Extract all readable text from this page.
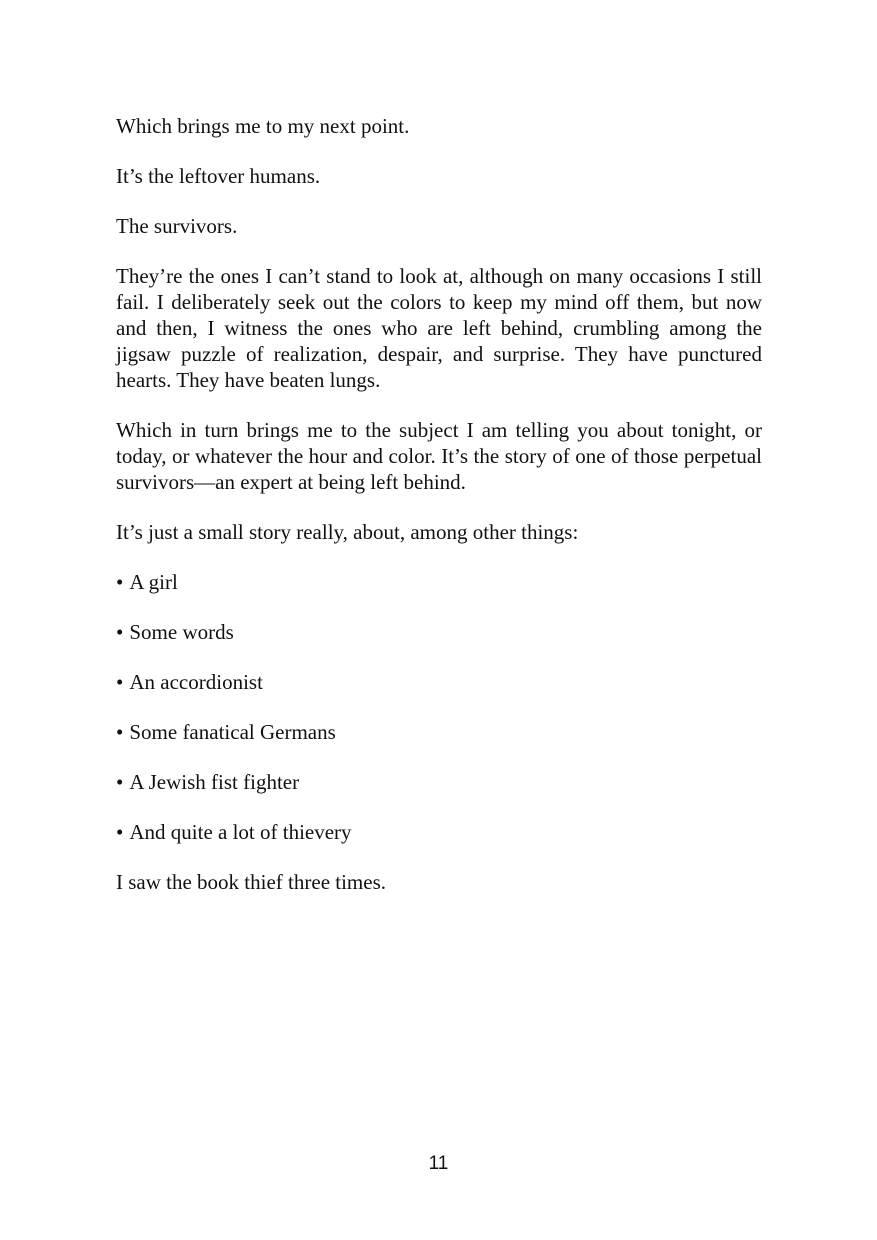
Which brings me to my next point.

It’s the leftover humans.

The survivors.

They’re the ones I can’t stand to look at, although on many occasions I still fail. I deliberately seek out the colors to keep my mind off them, but now and then, I witness the ones who are left behind, crumbling among the jigsaw puzzle of realization, despair, and surprise. They have punctured hearts. They have beaten lungs.

Which in turn brings me to the subject I am telling you about tonight, or today, or whatever the hour and color. It’s the story of one of those perpetual survivors—an expert at being left behind.

It’s just a small story really, about, among other things:

• A girl
• Some words
• An accordionist
• Some fanatical Germans
• A Jewish fist fighter
• And quite a lot of thievery

I saw the book thief three times.

11
